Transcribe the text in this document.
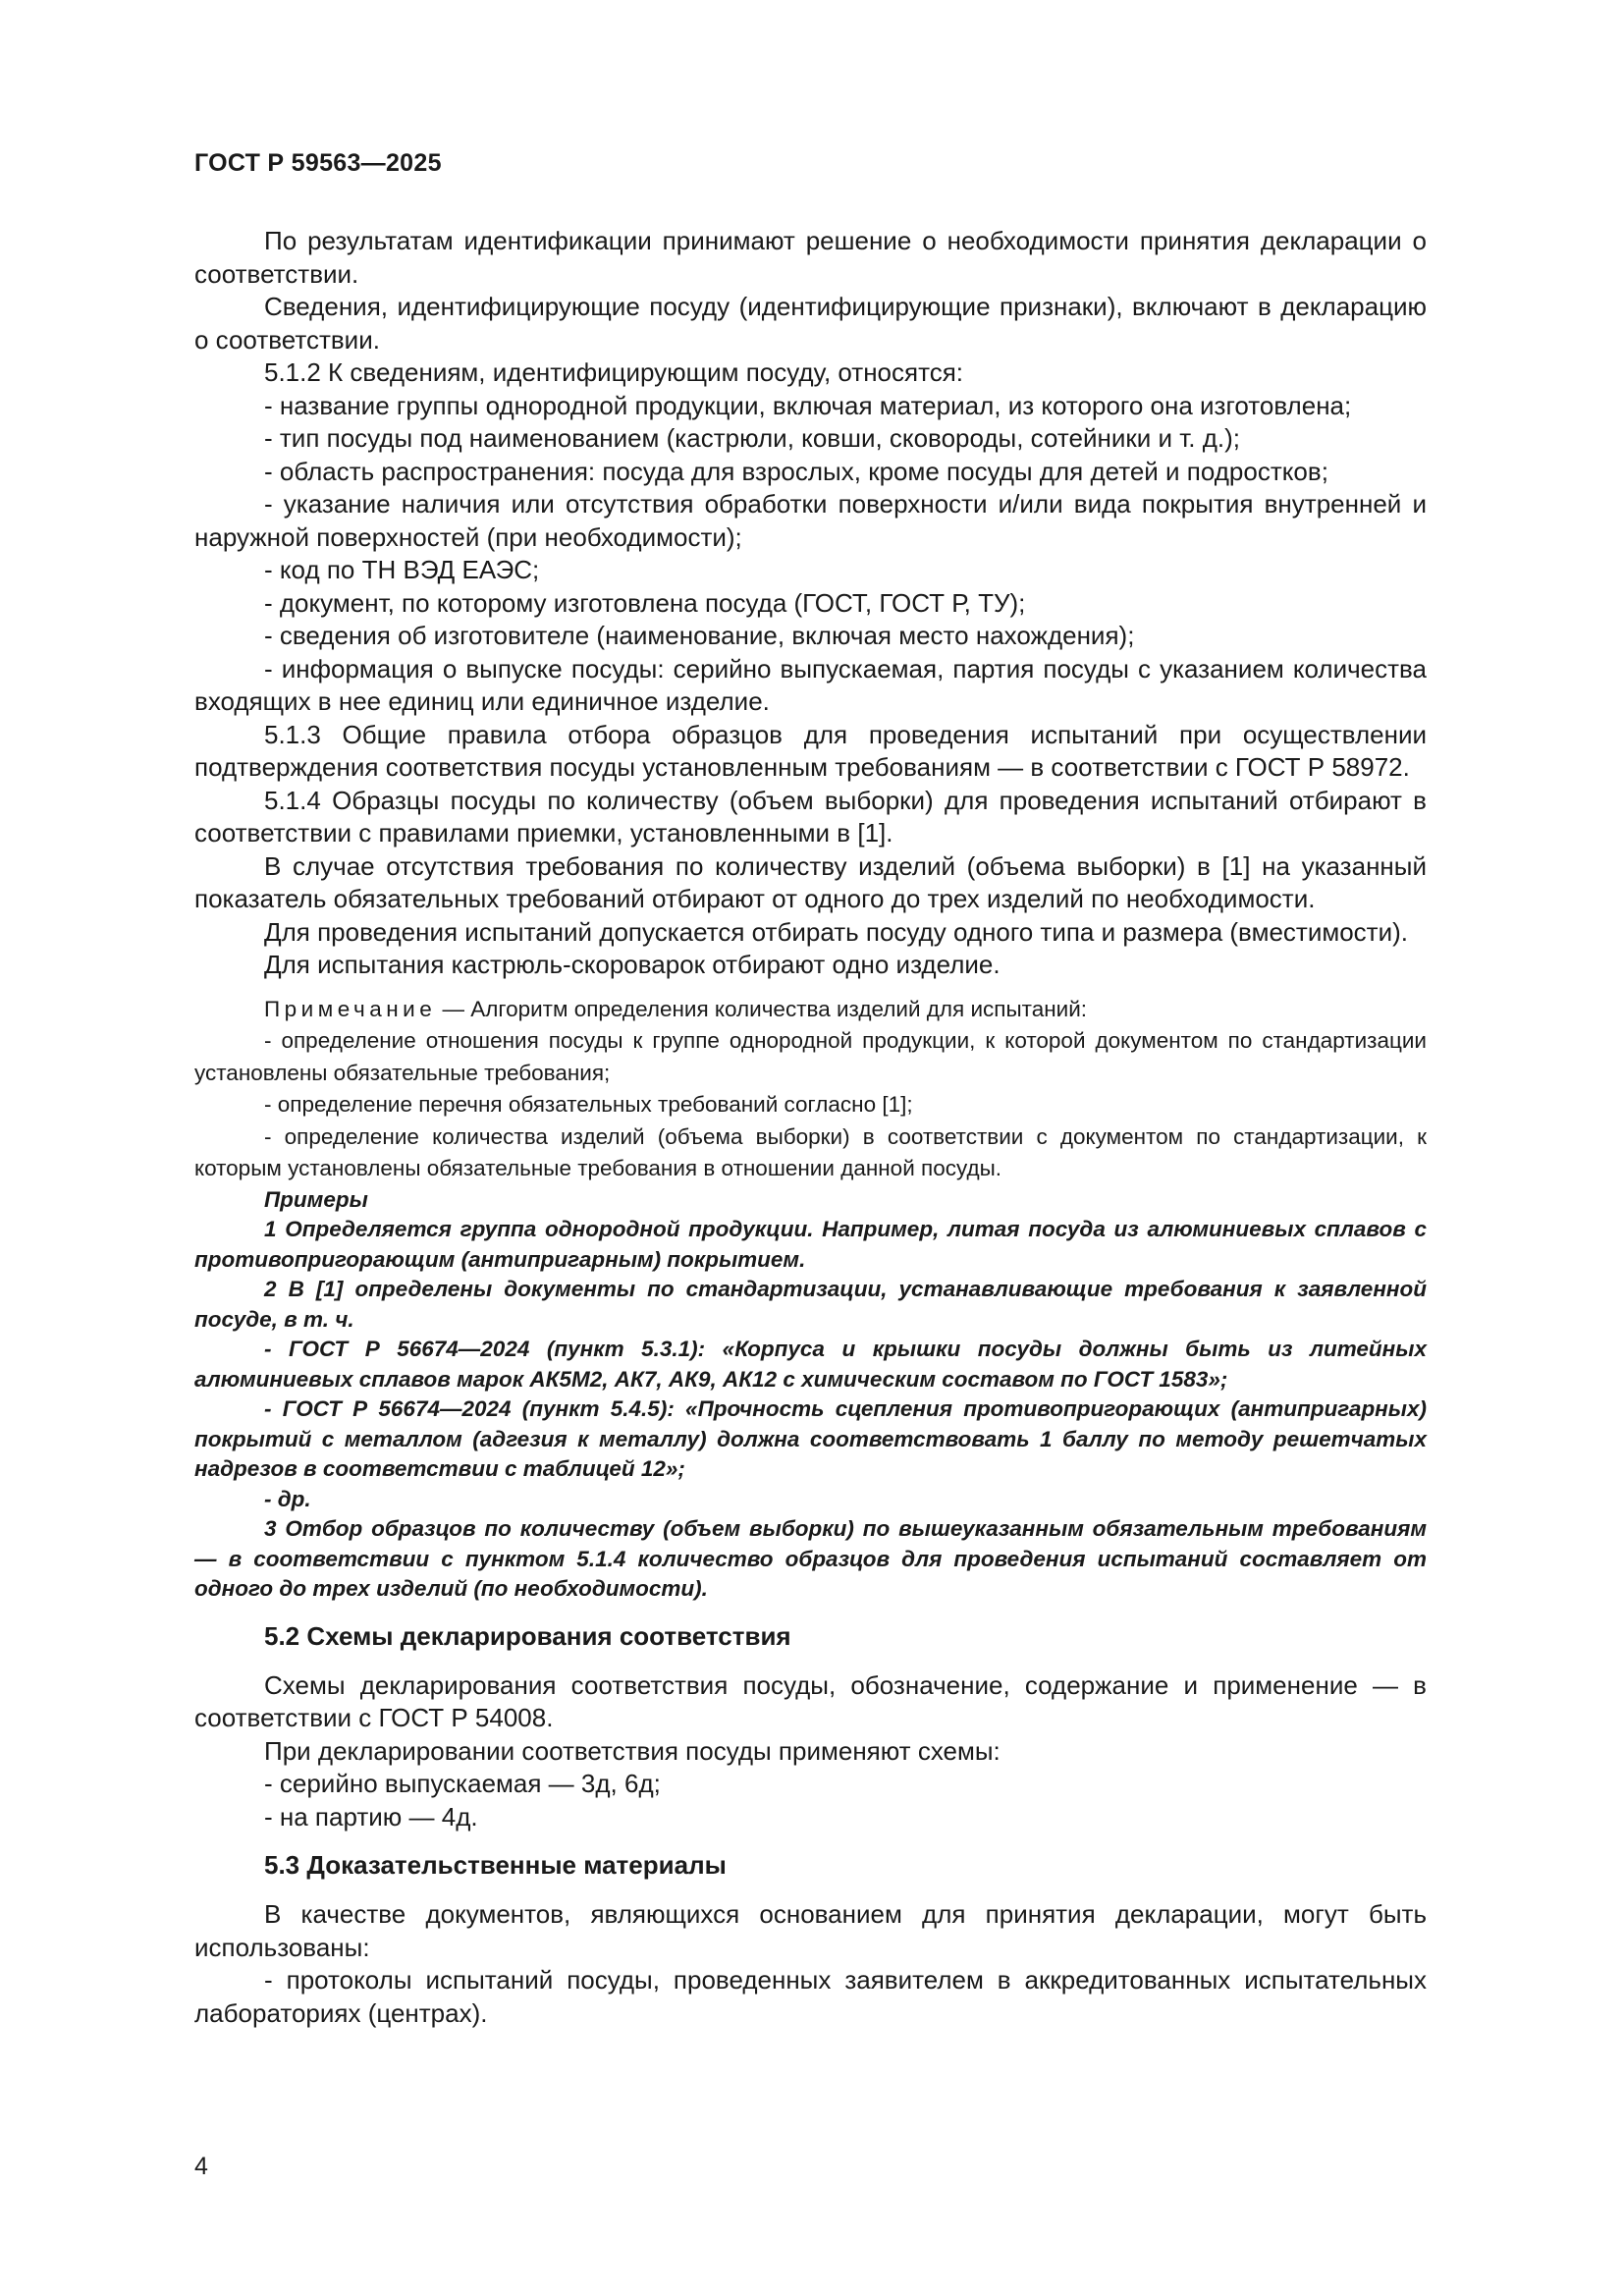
ГОСТ Р 59563—2025

По результатам идентификации принимают решение о необходимости принятия декларации о соответствии.

Сведения, идентифицирующие посуду (идентифицирующие признаки), включают в декларацию о соответствии.

5.1.2 К сведениям, идентифицирующим посуду, относятся:

- название группы однородной продукции, включая материал, из которого она изготовлена;

- тип посуды под наименованием (кастрюли, ковши, сковороды, сотейники и т. д.);

- область распространения: посуда для взрослых, кроме посуды для детей и подростков;

- указание наличия или отсутствия обработки поверхности и/или вида покрытия внутренней и наружной поверхностей (при необходимости);

- код по ТН ВЭД ЕАЭС;

- документ, по которому изготовлена посуда (ГОСТ, ГОСТ Р, ТУ);

- сведения об изготовителе (наименование, включая место нахождения);

- информация о выпуске посуды: серийно выпускаемая, партия посуды с указанием количества входящих в нее единиц или единичное изделие.

5.1.3 Общие правила отбора образцов для проведения испытаний при осуществлении подтверждения соответствия посуды установленным требованиям — в соответствии с ГОСТ Р 58972.

5.1.4 Образцы посуды по количеству (объем выборки) для проведения испытаний отбирают в соответствии с правилами приемки, установленными в [1].

В случае отсутствия требования по количеству изделий (объема выборки) в [1] на указанный показатель обязательных требований отбирают от одного до трех изделий по необходимости.

Для проведения испытаний допускается отбирать посуду одного типа и размера (вместимости).

Для испытания кастрюль-скороварок отбирают одно изделие.

Примечание — Алгоритм определения количества изделий для испытаний:

- определение отношения посуды к группе однородной продукции, к которой документом по стандартизации установлены обязательные требования;

- определение перечня обязательных требований согласно [1];

- определение количества изделий (объема выборки) в соответствии с документом по стандартизации, к которым установлены обязательные требования в отношении данной посуды.

Примеры

1 Определяется группа однородной продукции. Например, литая посуда из алюминиевых сплавов с противопригорающим (антипригарным) покрытием.

2 В [1] определены документы по стандартизации, устанавливающие требования к заявленной посуде, в т. ч.

- ГОСТ Р 56674—2024 (пункт 5.3.1): «Корпуса и крышки посуды должны быть из литейных алюминиевых сплавов марок АК5М2, АК7, АК9, АК12 с химическим составом по ГОСТ 1583»;

- ГОСТ Р 56674—2024 (пункт 5.4.5): «Прочность сцепления противопригорающих (антипригарных) покрытий с металлом (адгезия к металлу) должна соответствовать 1 баллу по методу решетчатых надрезов в соответствии с таблицей 12»;

- др.

3 Отбор образцов по количеству (объем выборки) по вышеуказанным обязательным требованиям — в соответствии с пунктом 5.1.4 количество образцов для проведения испытаний составляет от одного до трех изделий (по необходимости).

5.2 Схемы декларирования соответствия

Схемы декларирования соответствия посуды, обозначение, содержание и применение — в соответствии с ГОСТ Р 54008.

При декларировании соответствия посуды применяют схемы:

- серийно выпускаемая — 3д, 6д;

- на партию — 4д.

5.3 Доказательственные материалы

В качестве документов, являющихся основанием для принятия декларации, могут быть использованы:

- протоколы испытаний посуды, проведенных заявителем в аккредитованных испытательных лабораториях (центрах).

4
